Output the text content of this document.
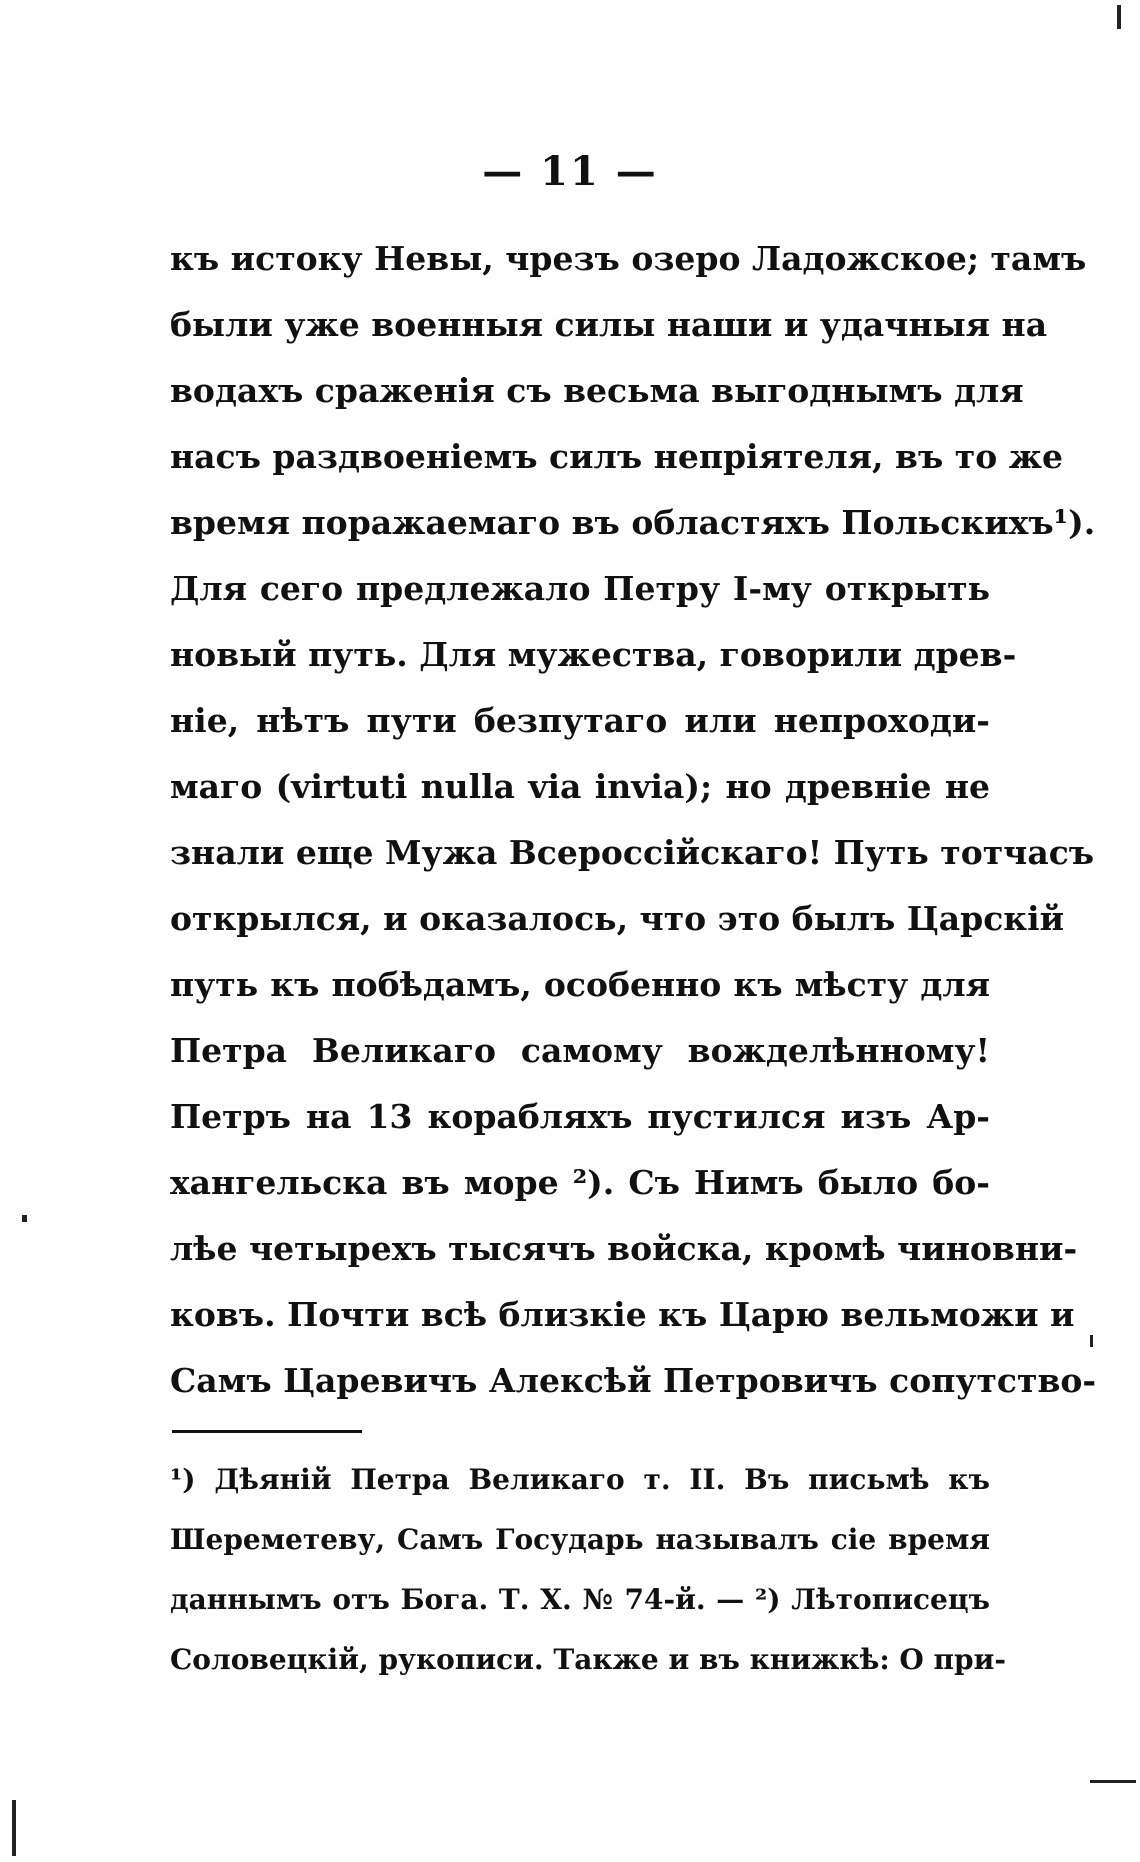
— 11 —
къ истоку Невы, чрезъ озеро Ладожское; тамъ
были уже военныя силы наши и удачныя на
водахъ сраженія съ весьма выгоднымъ для
насъ раздвоеніемъ силъ непріятеля, въ то же
время поражаемаго въ областяхъ Польскихъ¹).
Для сего предлежало Петру I-му открыть
новый путь. Для мужества, говорили древ-
ніе, нѣтъ пути безпутаго или непроходи-
маго (virtuti nulla via invia); но древніе не
знали еще Мужа Всероссійскаго! Путь тотчасъ
открылся, и оказалось, что это былъ Царскій
путь къ побѣдамъ, особенно къ мѣсту для
Петра Великаго самому вожделѣнному!
Петръ на 13 корабляхъ пустился изъ Ар-
хангельска въ море ²). Съ Нимъ было бо-
лѣе четырехъ тысячъ войска, кромѣ чиновни-
ковъ. Почти всѣ близкіе къ Царю вельможи и
Самъ Царевичъ Алексѣй Петровичъ сопутство-
¹) Дѣяній Петра Великаго т. II. Въ письмѣ къ
Шереметеву, Самъ Государь называлъ сіе время
даннымъ отъ Бога. Т. X. № 74-й. — ²) Лѣтописецъ
Соловецкій, рукописи. Также и въ книжкѣ: О при-
